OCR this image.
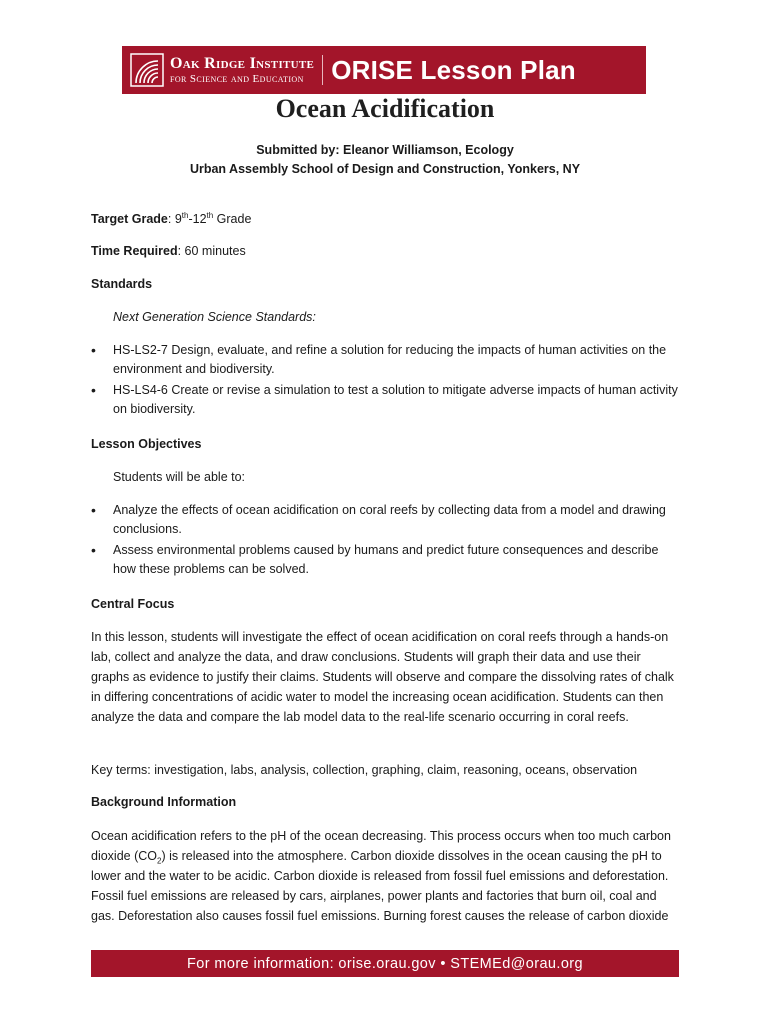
Oak Ridge Institute
for Science and Education	ORISE Lesson Plan
Ocean Acidification
Submitted by: Eleanor Williamson, Ecology
Urban Assembly School of Design and Construction, Yonkers, NY
Target Grade: 9th-12th Grade
Time Required: 60 minutes
Standards
Next Generation Science Standards:
• HS-LS2-7 Design, evaluate, and refine a solution for reducing the impacts of human activities on the environment and biodiversity.
• HS-LS4-6 Create or revise a simulation to test a solution to mitigate adverse impacts of human activity on biodiversity.
Lesson Objectives
Students will be able to:
• Analyze the effects of ocean acidification on coral reefs by collecting data from a model and drawing conclusions.
• Assess environmental problems caused by humans and predict future consequences and describe how these problems can be solved.
Central Focus
In this lesson, students will investigate the effect of ocean acidification on coral reefs through a hands-on lab, collect and analyze the data, and draw conclusions. Students will graph their data and use their graphs as evidence to justify their claims. Students will observe and compare the dissolving rates of chalk in differing concentrations of acidic water to model the increasing ocean acidification. Students can then analyze the data and compare the lab model data to the real-life scenario occurring in coral reefs.
Key terms: investigation, labs, analysis, collection, graphing, claim, reasoning, oceans, observation
Background Information
Ocean acidification refers to the pH of the ocean decreasing. This process occurs when too much carbon dioxide $(CO_2)$ is released into the atmosphere. Carbon dioxide dissolves in the ocean causing the pH to lower and the water to be acidic. Carbon dioxide is released from fossil fuel emissions and deforestation. Fossil fuel emissions are released by cars, airplanes, power plants and factories that burn oil, coal and gas. Deforestation also causes fossil fuel emissions. Burning forest causes the release of carbon dioxide
For more information: orise.orau.gov • STEMEd@orau.org
